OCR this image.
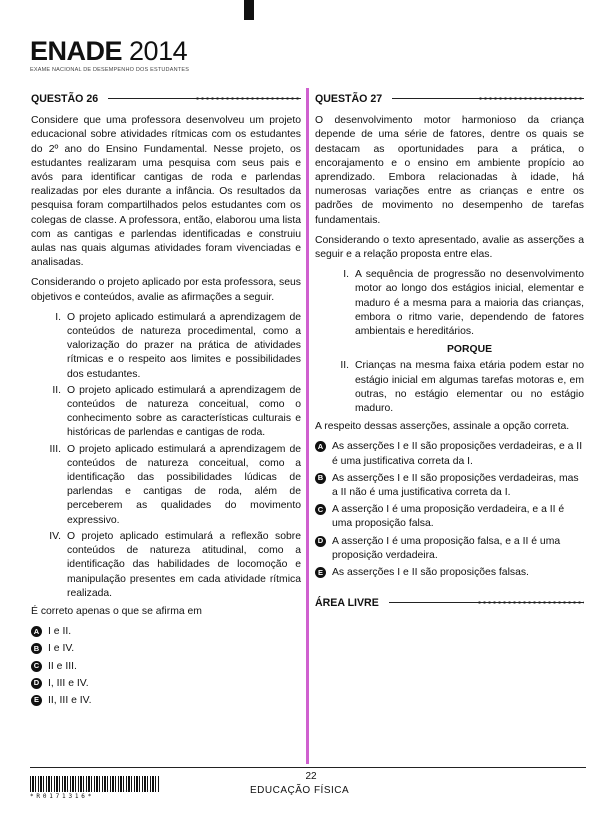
ENADE 2014
EXAME NACIONAL DE DESEMPENHO DOS ESTUDANTES
QUESTÃO 26

Considere que uma professora desenvolveu um projeto educacional sobre atividades rítmicas com os estudantes do 2º ano do Ensino Fundamental. Nesse projeto, os estudantes realizaram uma pesquisa com seus pais e avós para identificar cantigas de roda e parlendas realizadas por eles durante a infância. Os resultados da pesquisa foram compartilhados pelos estudantes com os colegas de classe. A professora, então, elaborou uma lista com as cantigas e parlendas identificadas e construiu aulas nas quais algumas atividades foram vivenciadas e analisadas.

Considerando o projeto aplicado por esta professora, seus objetivos e conteúdos, avalie as afirmações a seguir.

I. O projeto aplicado estimulará a aprendizagem de conteúdos de natureza procedimental, como a valorização do prazer na prática de atividades rítmicas e o respeito aos limites e possibilidades dos estudantes.
II. O projeto aplicado estimulará a aprendizagem de conteúdos de natureza conceitual, como o conhecimento sobre as características culturais e históricas de parlendas e cantigas de roda.
III. O projeto aplicado estimulará a aprendizagem de conteúdos de natureza conceitual, como a identificação das possibilidades lúdicas de parlendas e cantigas de roda, além de perceberem as qualidades do movimento expressivo.
IV. O projeto aplicado estimulará a reflexão sobre conteúdos de natureza atitudinal, como a identificação das habilidades de locomoção e manipulação presentes em cada atividade rítmica realizada.

É correto apenas o que se afirma em

A I e II.
B I e IV.
C II e III.
D I, III e IV.
E II, III e IV.
QUESTÃO 27

O desenvolvimento motor harmonioso da criança depende de uma série de fatores, dentre os quais se destacam as oportunidades para a prática, o encorajamento e o ensino em ambiente propício ao aprendizado. Embora relacionadas à idade, há numerosas variações entre as crianças e entre os padrões de movimento no desempenho de tarefas fundamentais.

Considerando o texto apresentado, avalie as asserções a seguir e a relação proposta entre elas.

I. A sequência de progressão no desenvolvimento motor ao longo dos estágios inicial, elementar e maduro é a mesma para a maioria das crianças, embora o ritmo varie, dependendo de fatores ambientais e hereditários.
PORQUE
II. Crianças na mesma faixa etária podem estar no estágio inicial em algumas tarefas motoras e, em outras, no estágio elementar ou no estágio maduro.

A respeito dessas asserções, assinale a opção correta.

A As asserções I e II são proposições verdadeiras, e a II é uma justificativa correta da I.
B As asserções I e II são proposições verdadeiras, mas a II não é uma justificativa correta da I.
C A asserção I é uma proposição verdadeira, e a II é uma proposição falsa.
D A asserção I é uma proposição falsa, e a II é uma proposição verdadeira.
E As asserções I e II são proposições falsas.
ÁREA LIVRE
*R0171316*
22
EDUCAÇÃO FÍSICA
